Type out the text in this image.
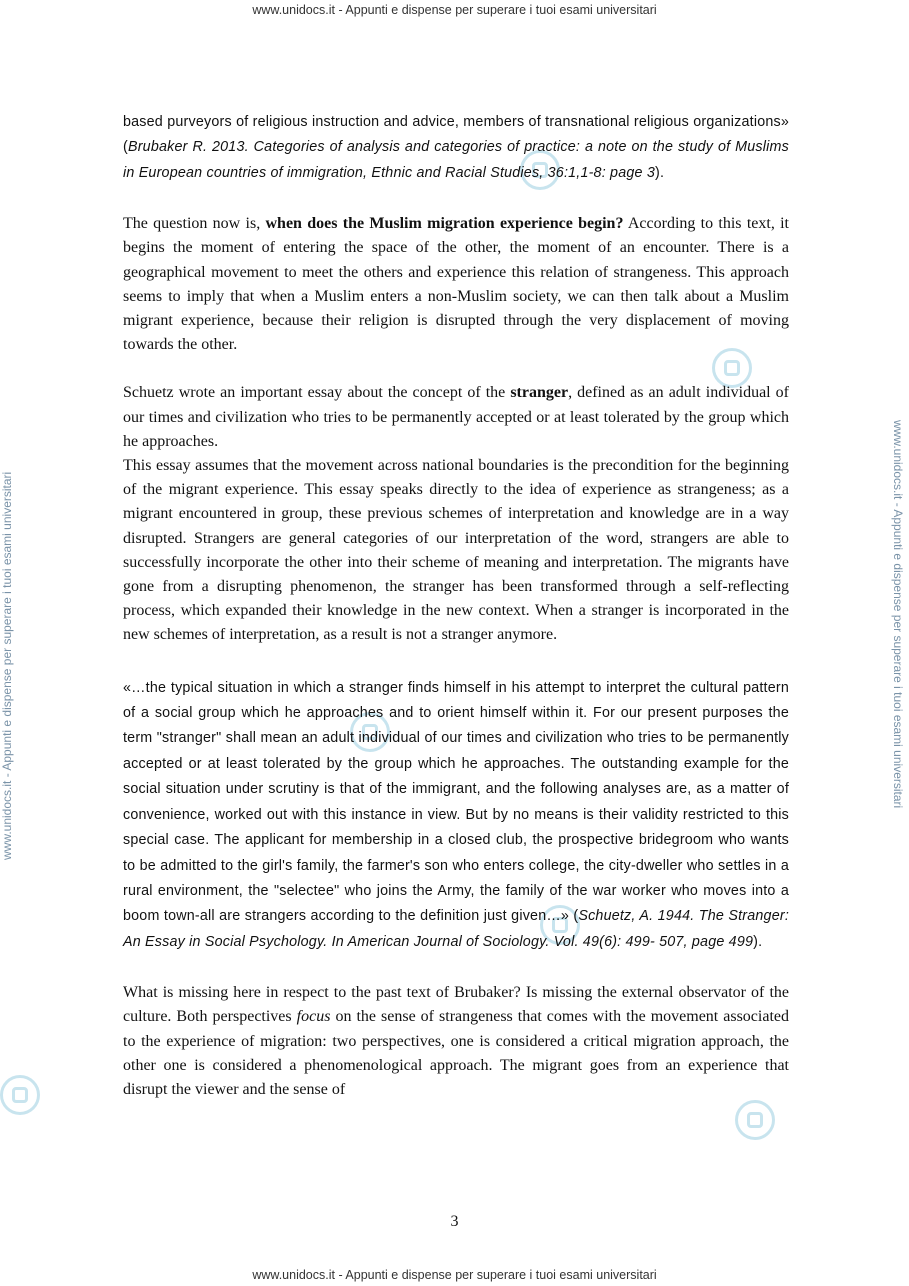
www.unidocs.it - Appunti e dispense per superare i tuoi esami universitari
www.unidocs.it - Appunti e dispense per superare i tuoi esami universitari	www.unidocs.it - Appunti e dispense per superare i tuoi esami universitari

based purveyors of religious instruction and advice, members of transnational religious organizations» (Brubaker R. 2013. Categories of analysis and categories of practice: a note on the study of Muslims in European countries of immigration, Ethnic and Racial Studies, 36:1,1-8: page 3).

The question now is, when does the Muslim migration experience begin? According to this text, it begins the moment of entering the space of the other, the moment of an encounter. There is a geographical movement to meet the others and experience this relation of strangeness. This approach seems to imply that when a Muslim enters a non-Muslim society, we can then talk about a Muslim migrant experience, because their religion is disrupted through the very displacement of moving towards the other.

Schuetz wrote an important essay about the concept of the stranger, defined as an adult individual of our times and civilization who tries to be permanently accepted or at least tolerated by the group which he approaches.

This essay assumes that the movement across national boundaries is the precondition for the beginning of the migrant experience. This essay speaks directly to the idea of experience as strangeness; as a migrant encountered in group, these previous schemes of interpretation and knowledge are in a way disrupted. Strangers are general categories of our interpretation of the word, strangers are able to successfully incorporate the other into their scheme of meaning and interpretation. The migrants have gone from a disrupting phenomenon, the stranger has been transformed through a self-reflecting process, which expanded their knowledge in the new context. When a stranger is incorporated in the new schemes of interpretation, as a result is not a stranger anymore.

«…the typical situation in which a stranger finds himself in his attempt to interpret the cultural pattern of a social group which he approaches and to orient himself within it. For our present purposes the term "stranger" shall mean an adult individual of our times and civilization who tries to be permanently accepted or at least tolerated by the group which he approaches. The outstanding example for the social situation under scrutiny is that of the immigrant, and the following analyses are, as a matter of convenience, worked out with this instance in view. But by no means is their validity restricted to this special case. The applicant for membership in a closed club, the prospective bridegroom who wants to be admitted to the girl's family, the farmer's son who enters college, the city-dweller who settles in a rural environment, the "selectee" who joins the Army, the family of the war worker who moves into a boom town-all are strangers according to the definition just given…» (Schuetz, A. 1944. The Stranger: An Essay in Social Psychology. In American Journal of Sociology. Vol. 49(6): 499- 507, page 499).

What is missing here in respect to the past text of Brubaker? Is missing the external observator of the culture. Both perspectives focus on the sense of strangeness that comes with the movement associated to the experience of migration: two perspectives, one is considered a critical migration approach, the other one is considered a phenomenological approach. The migrant goes from an experience that disrupt the viewer and the sense of

3
www.unidocs.it - Appunti e dispense per superare i tuoi esami universitari
